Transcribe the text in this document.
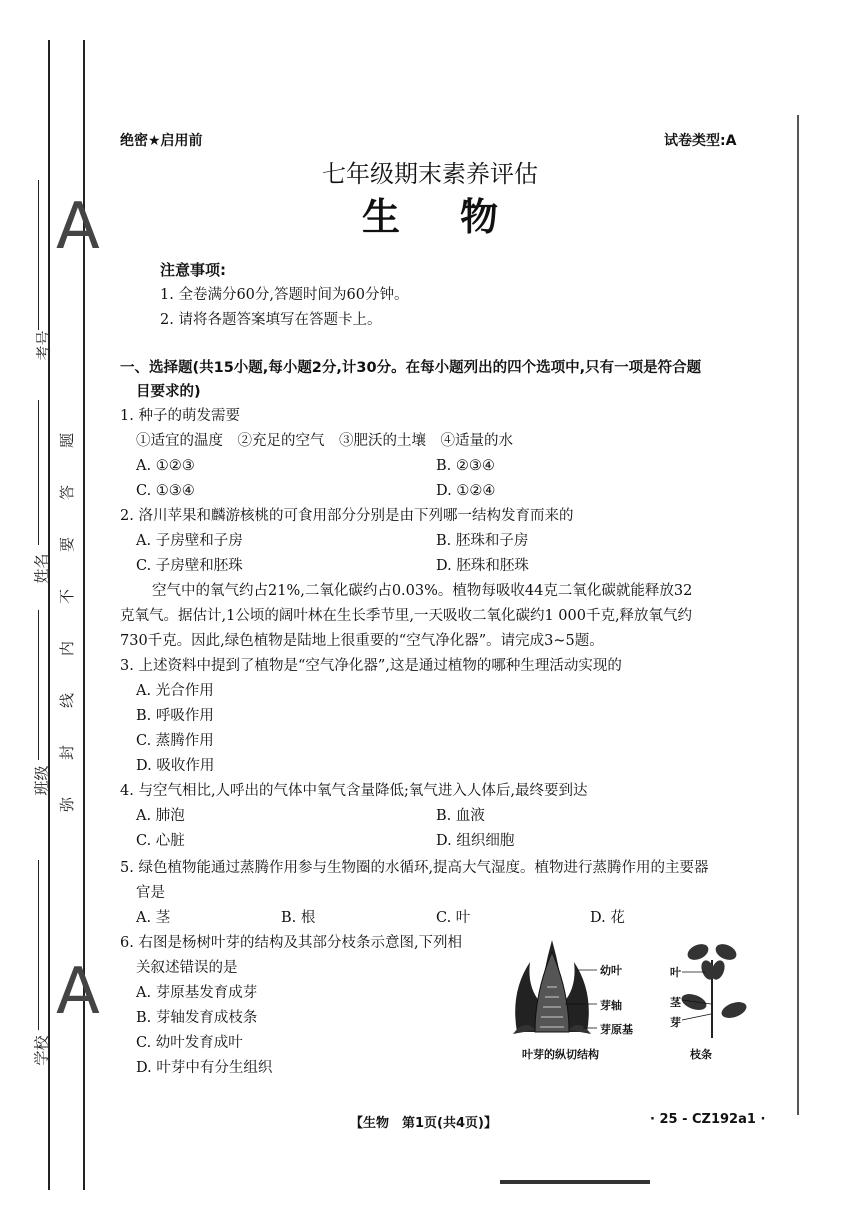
考号
姓名
班级
学校
题
答
要
不
内
线
封
弥
A
A
绝密★启用前	试卷类型:A
七年级期末素养评估
生物
注意事项:
1. 全卷满分60分,答题时间为60分钟。
2. 请将各题答案填写在答题卡上。
一、选择题(共15小题,每小题2分,计30分。在每小题列出的四个选项中,只有一项是符合题
目要求的)
1. 种子的萌发需要
①适宜的温度　②充足的空气　③肥沃的土壤　④适量的水
A. ①②③	B. ②③④
C. ①③④	D. ①②④
2. 洛川苹果和麟游核桃的可食用部分分别是由下列哪一结构发育而来的
A. 子房壁和子房	B. 胚珠和子房
C. 子房壁和胚珠	D. 胚珠和胚珠
空气中的氧气约占21%,二氧化碳约占0.03%。植物每吸收44克二氧化碳就能释放32
克氧气。据估计,1公顷的阔叶林在生长季节里,一天吸收二氧化碳约1 000千克,释放氧气约
730千克。因此,绿色植物是陆地上很重要的“空气净化器”。请完成3~5题。
3. 上述资料中提到了植物是“空气净化器”,这是通过植物的哪种生理活动实现的
A. 光合作用
B. 呼吸作用
C. 蒸腾作用
D. 吸收作用
4. 与空气相比,人呼出的气体中氧气含量降低;氧气进入人体后,最终要到达
A. 肺泡	B. 血液
C. 心脏	D. 组织细胞
5. 绿色植物能通过蒸腾作用参与生物圈的水循环,提高大气湿度。植物进行蒸腾作用的主要器
官是
A. 茎	B. 根	C. 叶	D. 花
6. 右图是杨树叶芽的结构及其部分枝条示意图,下列相
关叙述错误的是
A. 芽原基发育成芽
B. 芽轴发育成枝条
C. 幼叶发育成叶
D. 叶芽中有分生组织
幼叶
芽轴
芽原基
叶芽的纵切结构
叶
茎
芽
枝条
【生物　第1页(共4页)】	· 25 - CZ192a1 ·
